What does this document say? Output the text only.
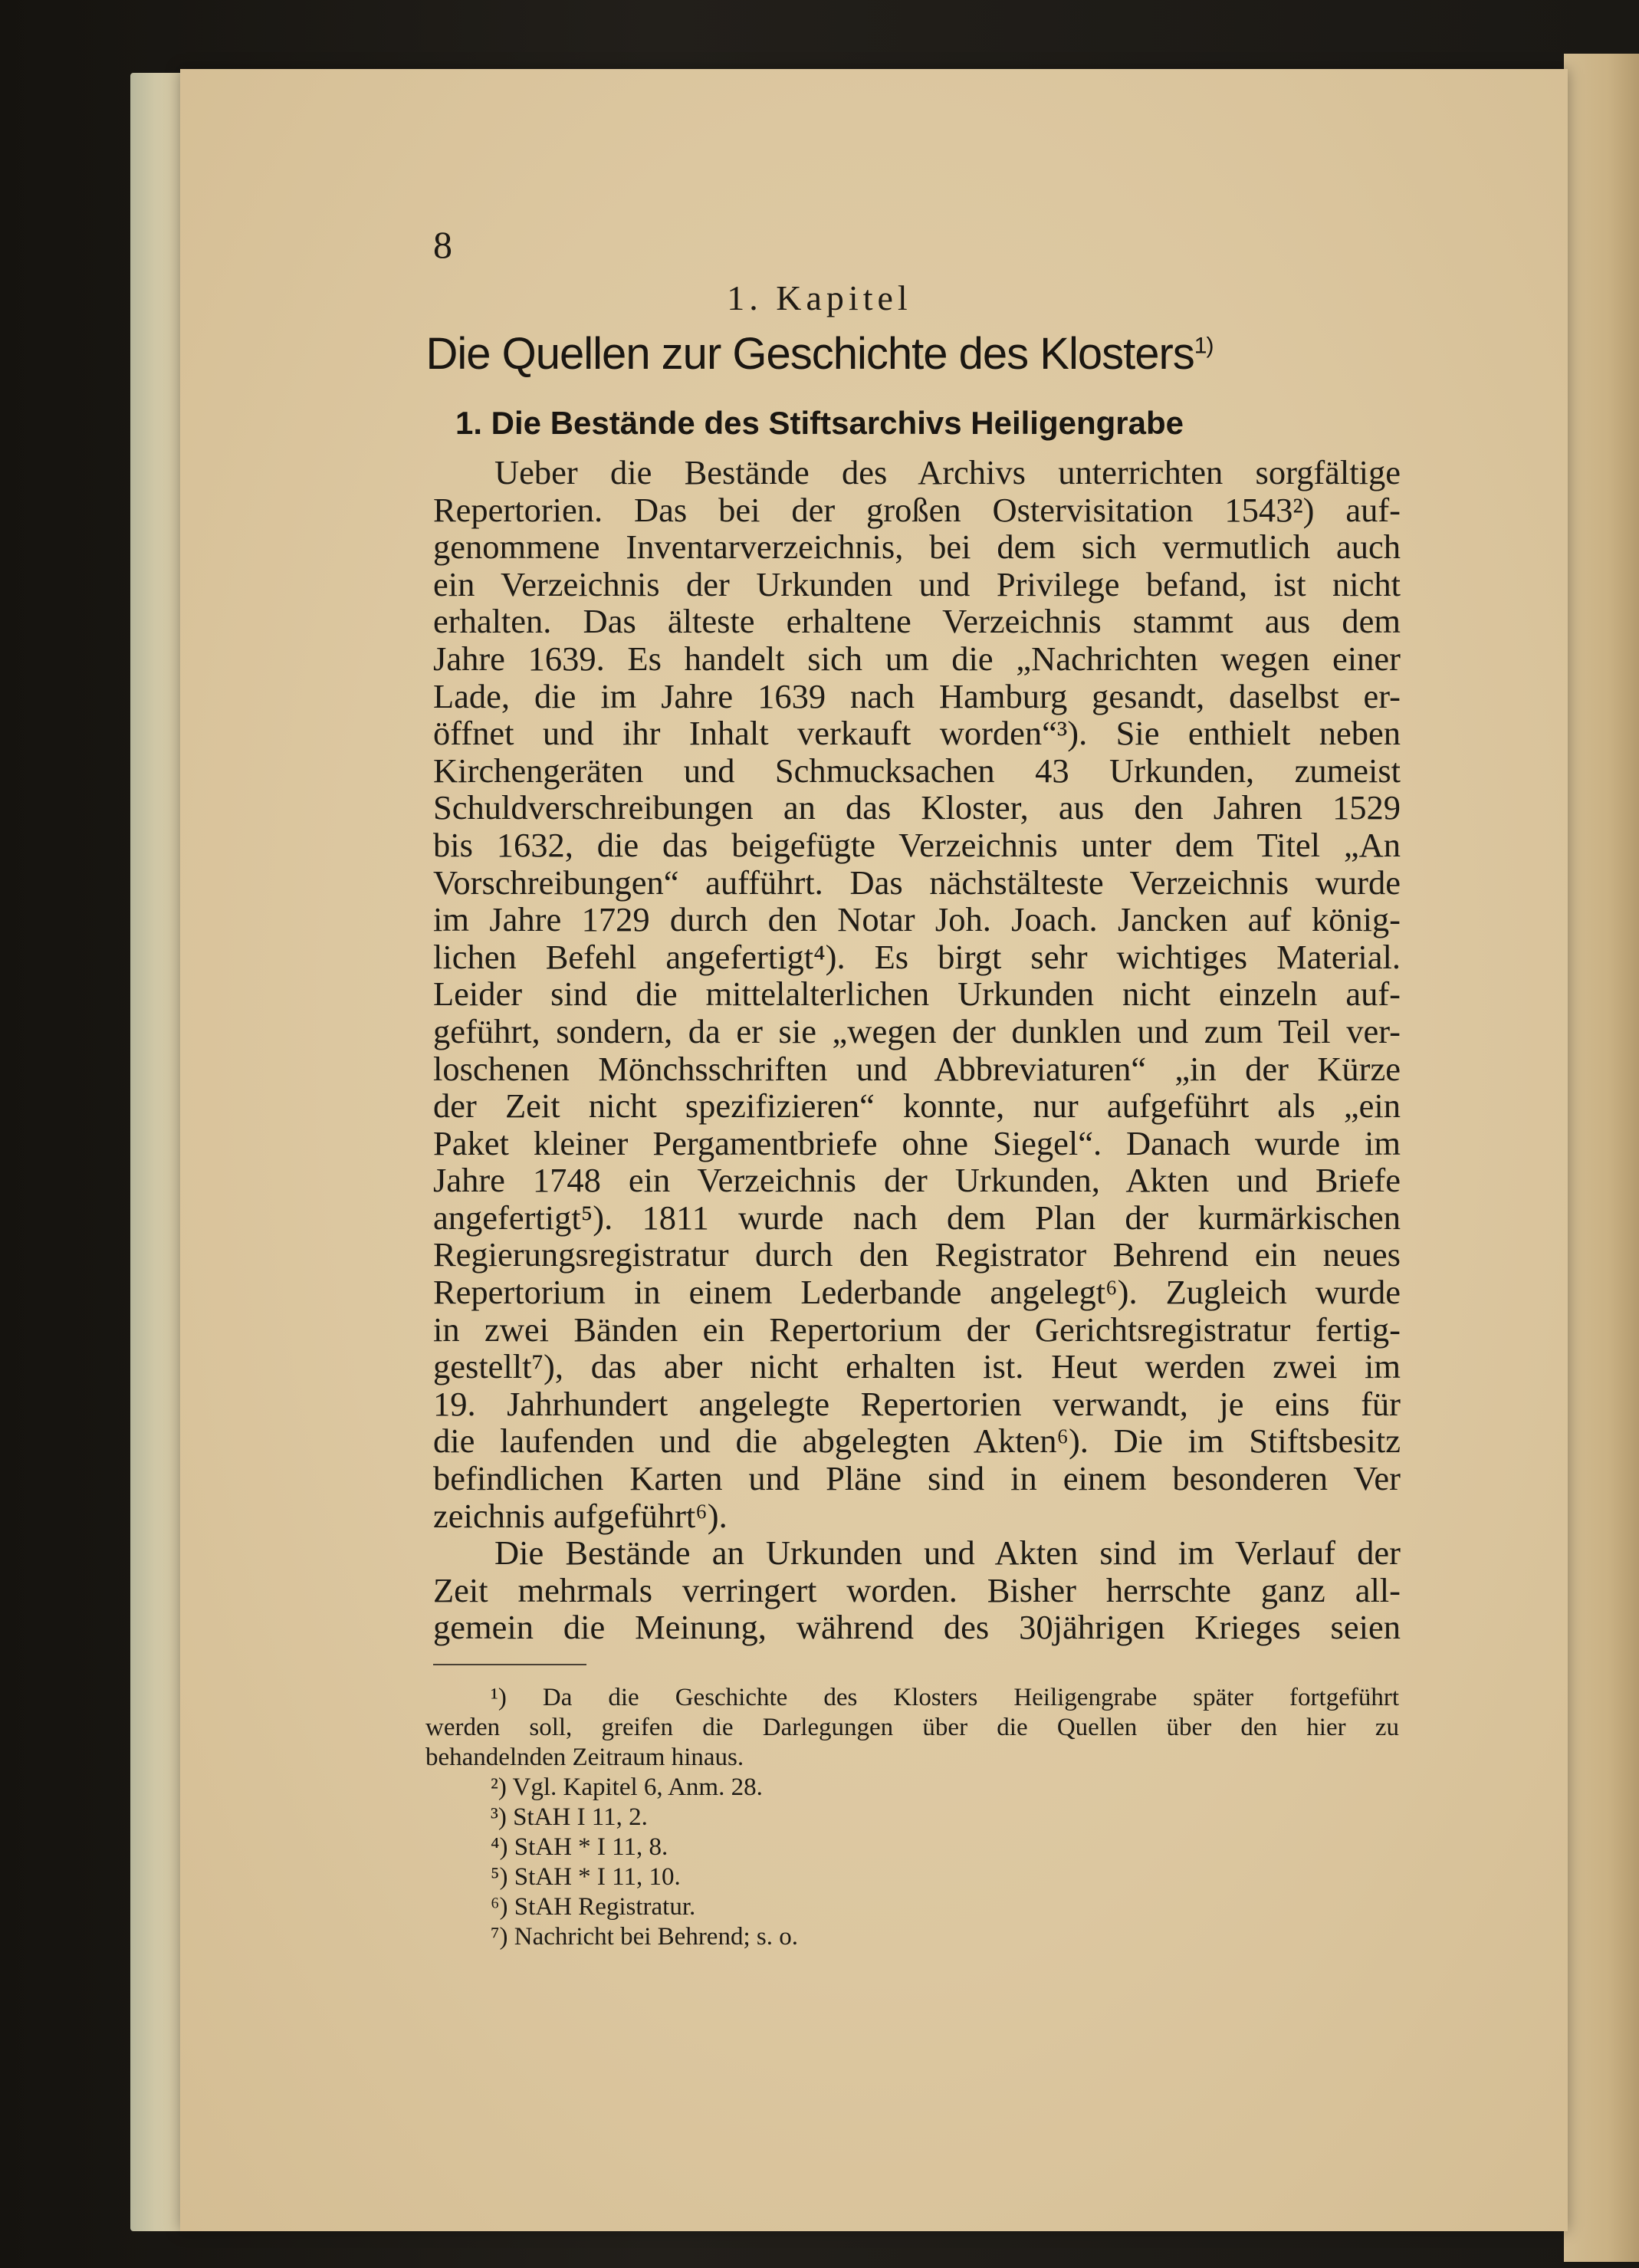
8
1. Kapitel
Die Quellen zur Geschichte des Klosters$^{1)}$
1. Die Bestände des Stiftsarchivs Heiligengrabe
Ueber die Bestände des Archivs unterrichten sorgfältige
Repertorien. Das bei der großen Ostervisitation 1543²) auf-
genommene Inventarverzeichnis, bei dem sich vermutlich auch
ein Verzeichnis der Urkunden und Privilege befand, ist nicht
erhalten. Das älteste erhaltene Verzeichnis stammt aus dem
Jahre 1639. Es handelt sich um die „Nachrichten wegen einer
Lade, die im Jahre 1639 nach Hamburg gesandt, daselbst er-
öffnet und ihr Inhalt verkauft worden“³). Sie enthielt neben
Kirchengeräten und Schmucksachen 43 Urkunden, zumeist
Schuldverschreibungen an das Kloster, aus den Jahren 1529
bis 1632, die das beigefügte Verzeichnis unter dem Titel „An
Vorschreibungen“ aufführt. Das nächstälteste Verzeichnis wurde
im Jahre 1729 durch den Notar Joh. Joach. Jancken auf könig-
lichen Befehl angefertigt⁴). Es birgt sehr wichtiges Material.
Leider sind die mittelalterlichen Urkunden nicht einzeln auf-
geführt, sondern, da er sie „wegen der dunklen und zum Teil ver-
loschenen Mönchsschriften und Abbreviaturen“ „in der Kürze
der Zeit nicht spezifizieren“ konnte, nur aufgeführt als „ein
Paket kleiner Pergamentbriefe ohne Siegel“. Danach wurde im
Jahre 1748 ein Verzeichnis der Urkunden, Akten und Briefe
angefertigt⁵). 1811 wurde nach dem Plan der kurmärkischen
Regierungsregistratur durch den Registrator Behrend ein neues
Repertorium in einem Lederbande angelegt⁶). Zugleich wurde
in zwei Bänden ein Repertorium der Gerichtsregistratur fertig-
gestellt⁷), das aber nicht erhalten ist. Heut werden zwei im
19. Jahrhundert angelegte Repertorien verwandt, je eins für
die laufenden und die abgelegten Akten⁶). Die im Stiftsbesitz
befindlichen Karten und Pläne sind in einem besonderen Ver
zeichnis aufgeführt⁶).
Die Bestände an Urkunden und Akten sind im Verlauf der
Zeit mehrmals verringert worden. Bisher herrschte ganz all-
gemein die Meinung, während des 30jährigen Krieges seien
¹) Da die Geschichte des Klosters Heiligengrabe später fortgeführt
werden soll, greifen die Darlegungen über die Quellen über den hier zu
behandelnden Zeitraum hinaus.
²) Vgl. Kapitel 6, Anm. 28.
³) StAH I 11, 2.
⁴) StAH * I 11, 8.
⁵) StAH * I 11, 10.
⁶) StAH Registratur.
⁷) Nachricht bei Behrend; s. o.
